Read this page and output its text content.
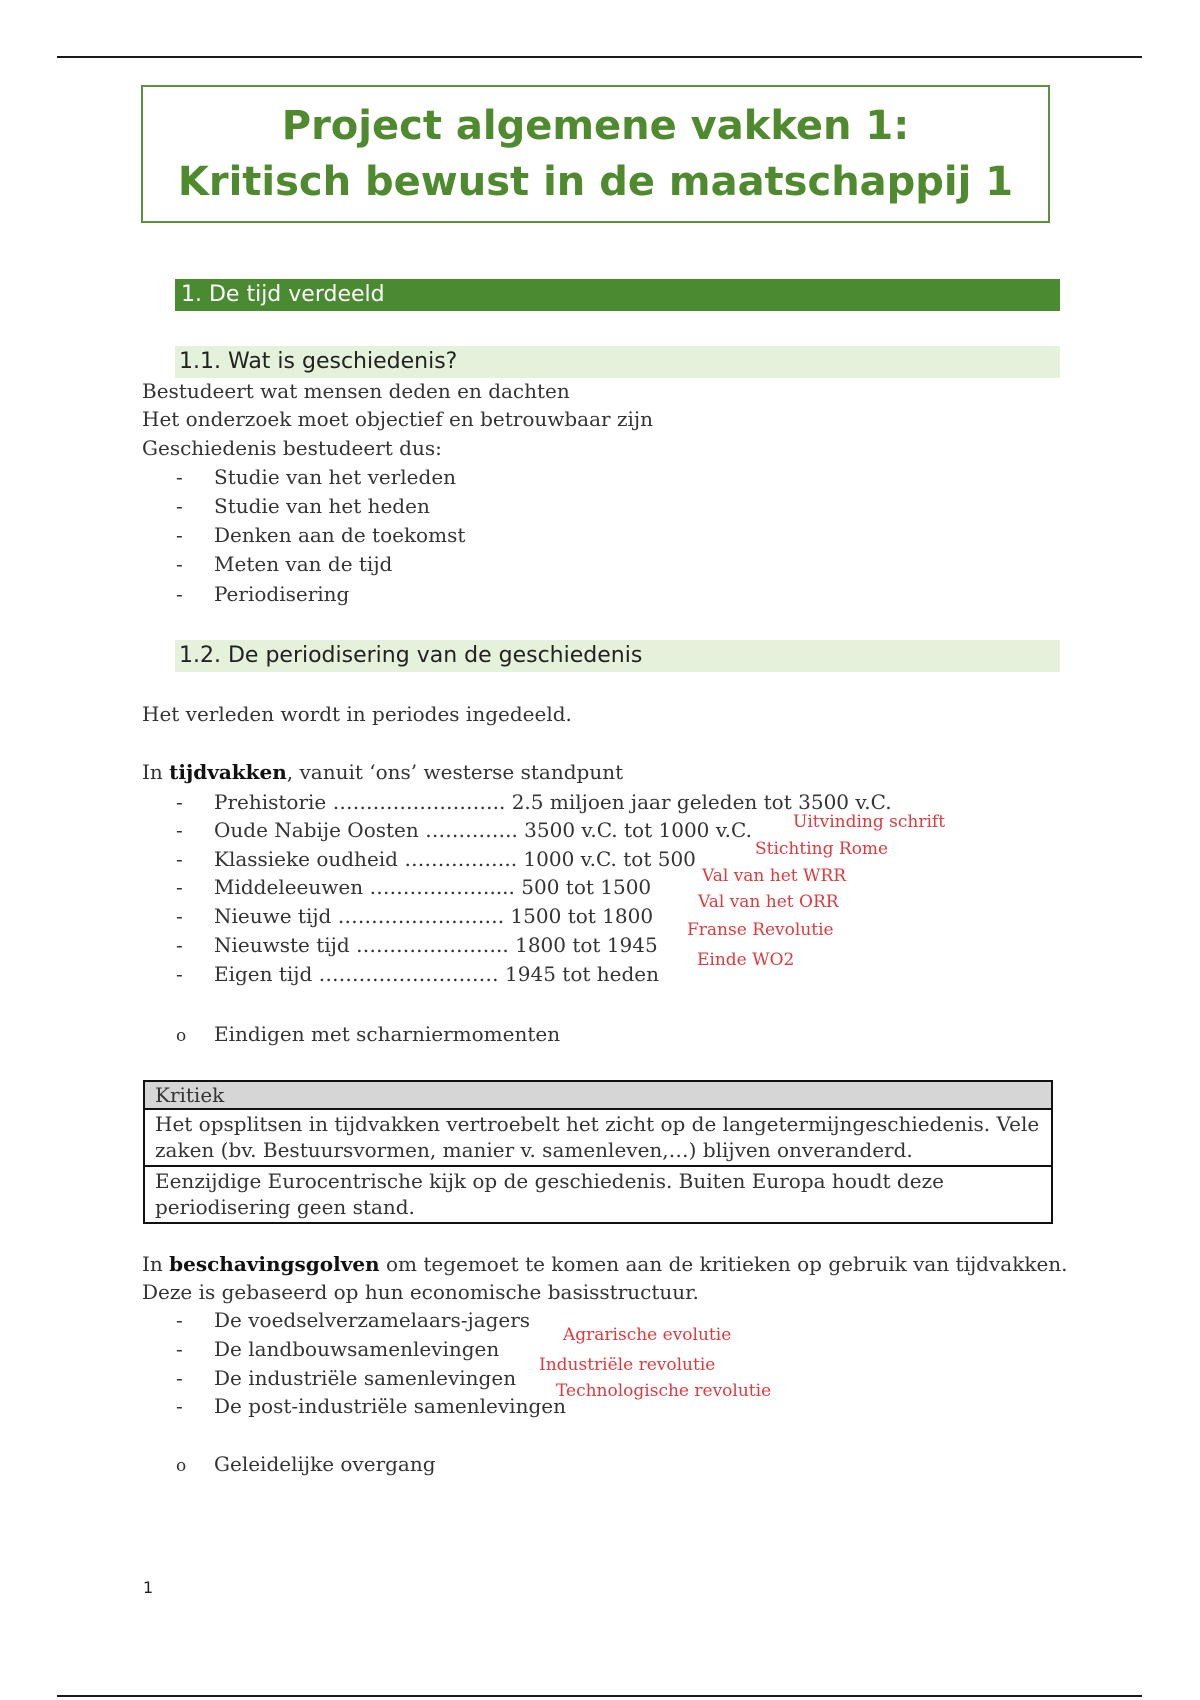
Project algemene vakken 1:
Kritisch bewust in de maatschappij 1
1. De tijd verdeeld
1.1. Wat is geschiedenis?
Bestudeert wat mensen deden en dachten
Het onderzoek moet objectief en betrouwbaar zijn
Geschiedenis bestudeert dus:
- Studie van het verleden
- Studie van het heden
- Denken aan de toekomst
- Meten van de tijd
- Periodisering
1.2. De periodisering van de geschiedenis
Het verleden wordt in periodes ingedeeld.
In tijdvakken, vanuit ‘ons’ westerse standpunt
- Prehistorie …………………….. 2.5 miljoen jaar geleden tot 3500 v.C.
- Oude Nabije Oosten ………….. 3500 v.C. tot 1000 v.C.
- Klassieke oudheid …………….. 1000 v.C. tot 500
- Middeleeuwen ……………….... 500 tot 1500
- Nieuwe tijd ……………………. 1500 tot 1800
- Nieuwste tijd ………………….. 1800 tot 1945
- Eigen tijd ……………………… 1945 tot heden
Uitvinding schrift
Stichting Rome
Val van het WRR
Val van het ORR
Franse Revolutie
Einde WO2
o Eindigen met scharniermomenten
Kritiek
Het opsplitsen in tijdvakken vertroebelt het zicht op de langetermijngeschiedenis. Vele zaken (bv. Bestuursvormen, manier v. samenleven,…) blijven onveranderd.
Eenzijdige Eurocentrische kijk op de geschiedenis. Buiten Europa houdt deze periodisering geen stand.
In beschavingsgolven om tegemoet te komen aan de kritieken op gebruik van tijdvakken.
Deze is gebaseerd op hun economische basisstructuur.
- De voedselverzamelaars-jagers
- De landbouwsamenlevingen
- De industriële samenlevingen
- De post-industriële samenlevingen
Agrarische evolutie
Industriële revolutie
Technologische revolutie
o Geleidelijke overgang
1
